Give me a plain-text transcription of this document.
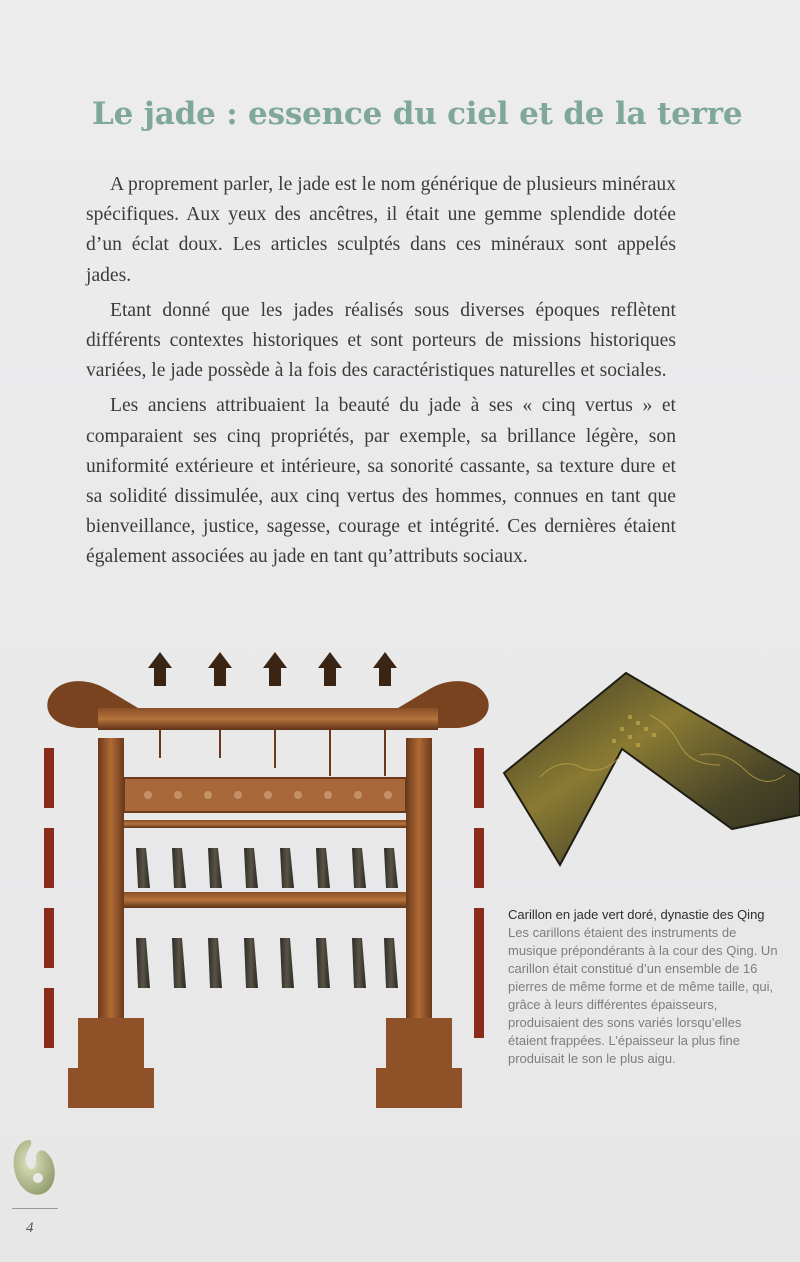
Le jade : essence du ciel et de la terre

A proprement parler, le jade est le nom générique de plusieurs minéraux spécifiques. Aux yeux des ancêtres, il était une gemme splendide dotée d’un éclat doux. Les articles sculptés dans ces minéraux sont appelés jades.

Etant donné que les jades réalisés sous diverses époques reflètent différents contextes historiques et sont porteurs de missions historiques variées, le jade possède à la fois des caractéristiques naturelles et sociales.

Les anciens attribuaient la beauté du jade à ses « cinq vertus » et comparaient ses cinq propriétés, par exemple, sa brillance légère, son uniformité extérieure et intérieure, sa sonorité cassante, sa texture dure et sa solidité dissimulée, aux cinq vertus des hommes, connues en tant que bienveillance, justice, sagesse, courage et intégrité. Ces dernières étaient également associées au jade en tant qu’attributs sociaux.

Carillon en jade vert doré, dynastie des Qing
Les carillons étaient des instruments de musique prépondérants à la cour des Qing. Un carillon était constitué d’un ensemble de 16 pierres de même forme et de même taille, qui, grâce à leurs différentes épaisseurs, produisaient des sons variés lorsqu’elles étaient frappées. L’épaisseur la plus fine produisait le son le plus aigu.
4
